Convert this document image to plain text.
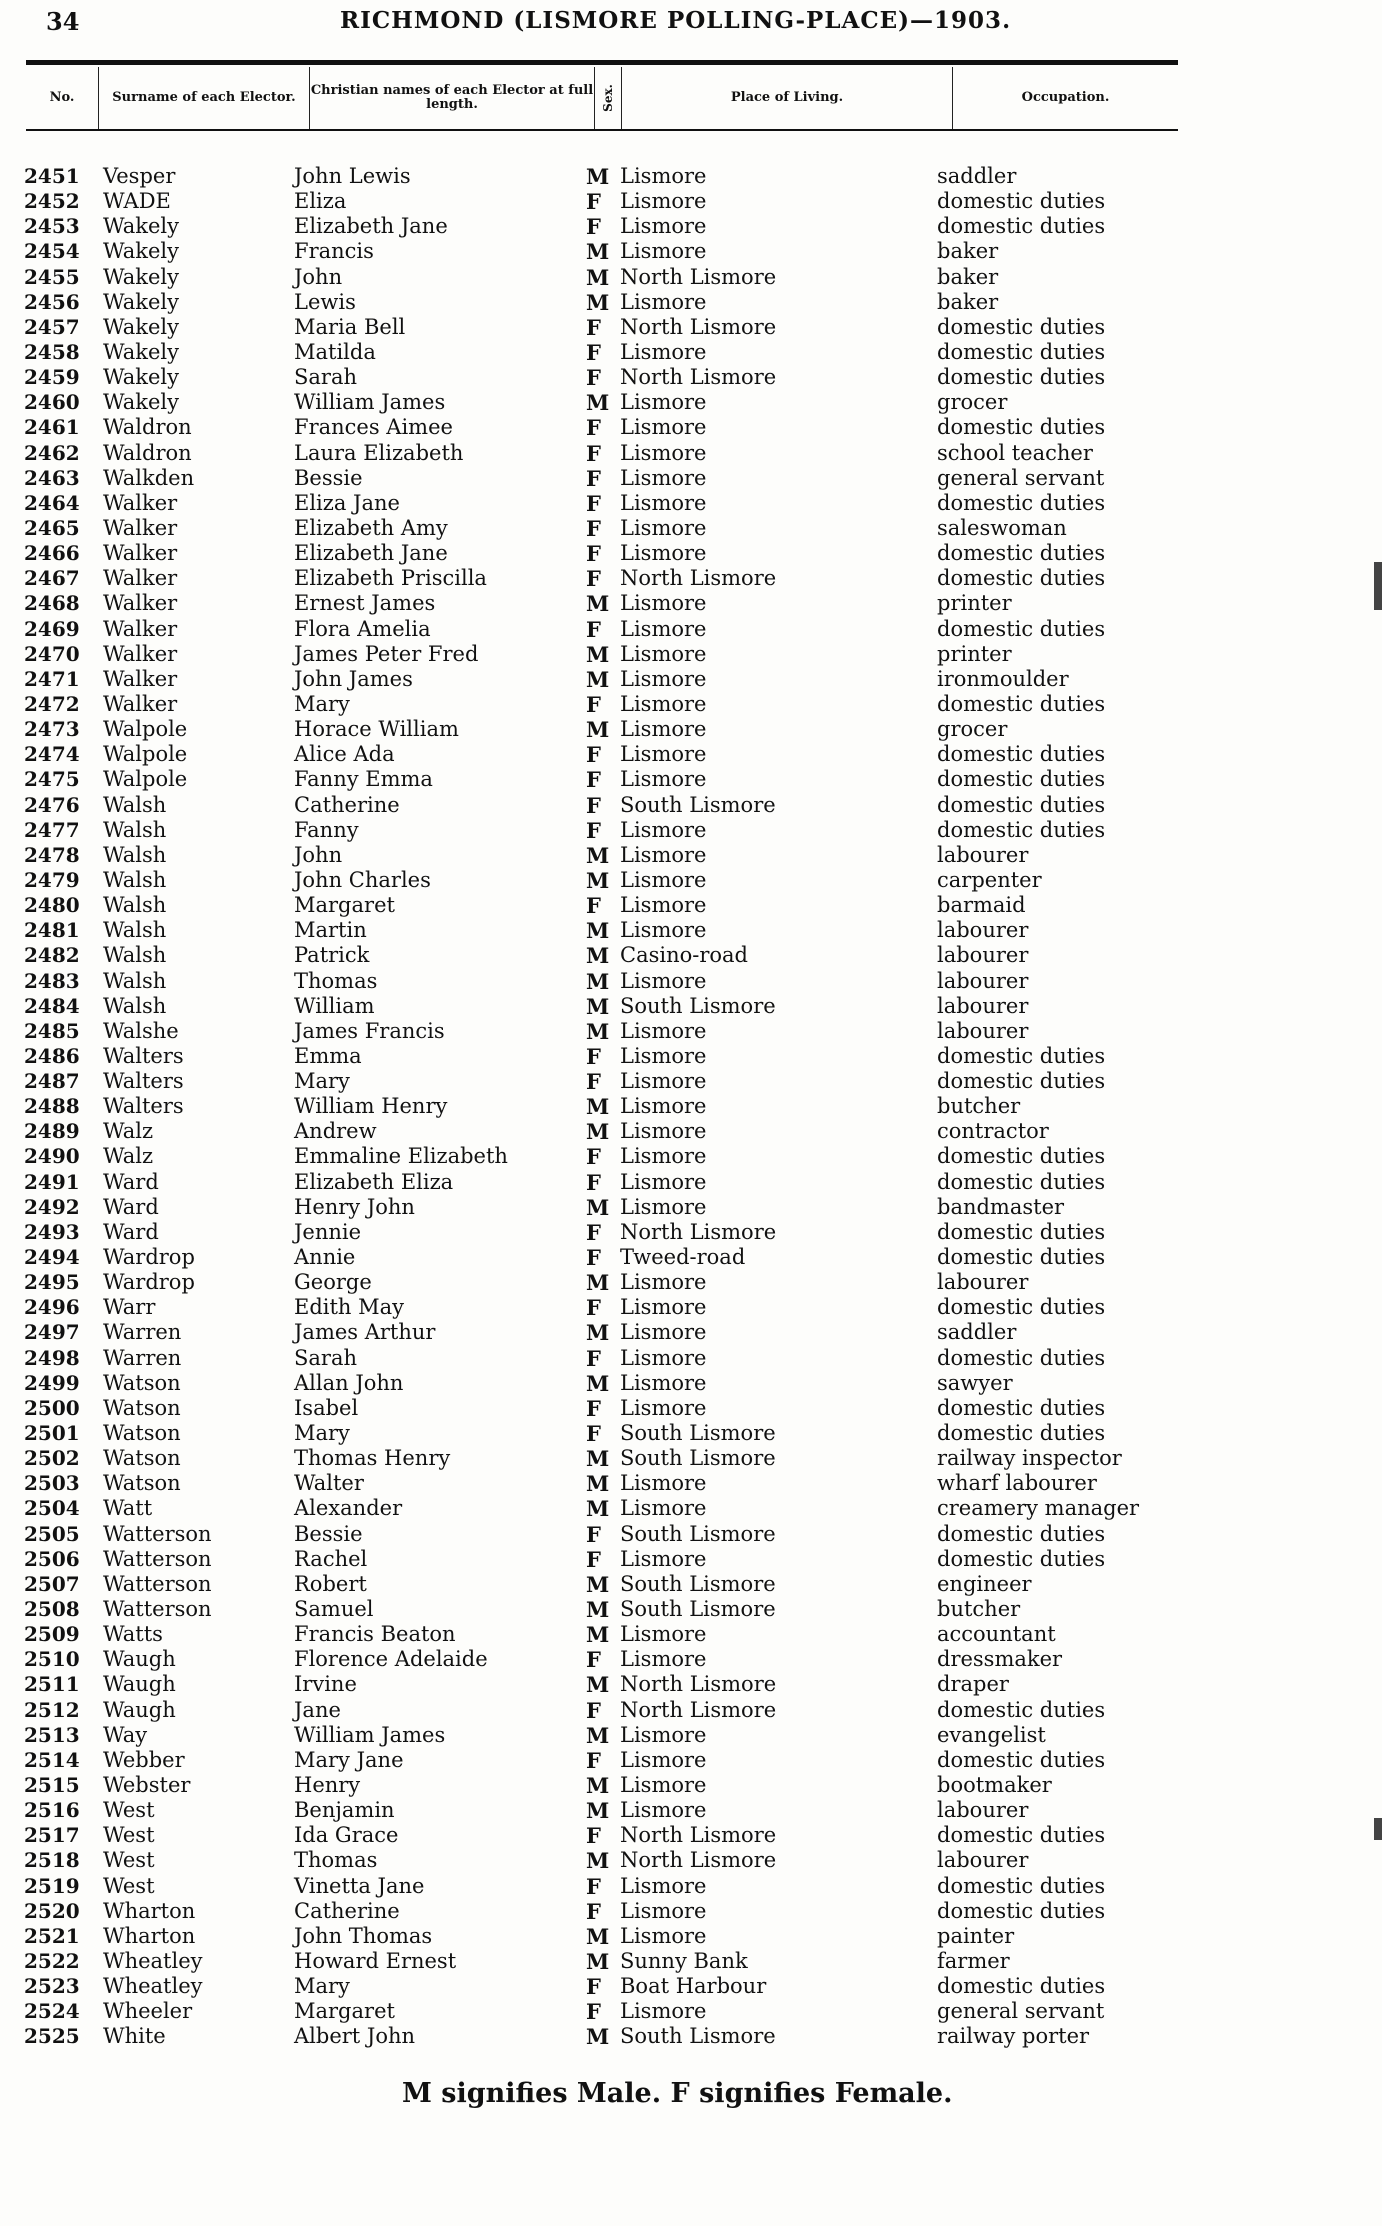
34	RICHMOND (LISMORE POLLING-PLACE)—1903.
No.	Surname of each Elector.	Christian names of each Elector at full length.	Sex.	Place of Living.	Occupation.
2451 Vesper	John Lewis	M Lismore	saddler
2452 WADE	Eliza	F Lismore	domestic duties
2453 Wakely	Elizabeth Jane	F Lismore	domestic duties
2454 Wakely	Francis	M Lismore	baker
2455 Wakely	John	M North Lismore	baker
2456 Wakely	Lewis	M Lismore	baker
2457 Wakely	Maria Bell	F North Lismore	domestic duties
2458 Wakely	Matilda	F Lismore	domestic duties
2459 Wakely	Sarah	F North Lismore	domestic duties
2460 Wakely	William James	M Lismore	grocer
2461 Waldron	Frances Aimee	F Lismore	domestic duties
2462 Waldron	Laura Elizabeth	F Lismore	school teacher
2463 Walkden	Bessie	F Lismore	general servant
2464 Walker	Eliza Jane	F Lismore	domestic duties
2465 Walker	Elizabeth Amy	F Lismore	saleswoman
2466 Walker	Elizabeth Jane	F Lismore	domestic duties
2467 Walker	Elizabeth Priscilla	F North Lismore	domestic duties
2468 Walker	Ernest James	M Lismore	printer
2469 Walker	Flora Amelia	F Lismore	domestic duties
2470 Walker	James Peter Fred	M Lismore	printer
2471 Walker	John James	M Lismore	ironmoulder
2472 Walker	Mary	F Lismore	domestic duties
2473 Walpole	Horace William	M Lismore	grocer
2474 Walpole	Alice Ada	F Lismore	domestic duties
2475 Walpole	Fanny Emma	F Lismore	domestic duties
2476 Walsh	Catherine	F South Lismore	domestic duties
2477 Walsh	Fanny	F Lismore	domestic duties
2478 Walsh	John	M Lismore	labourer
2479 Walsh	John Charles	M Lismore	carpenter
2480 Walsh	Margaret	F Lismore	barmaid
2481 Walsh	Martin	M Lismore	labourer
2482 Walsh	Patrick	M Casino-road	labourer
2483 Walsh	Thomas	M Lismore	labourer
2484 Walsh	William	M South Lismore	labourer
2485 Walshe	James Francis	M Lismore	labourer
2486 Walters	Emma	F Lismore	domestic duties
2487 Walters	Mary	F Lismore	domestic duties
2488 Walters	William Henry	M Lismore	butcher
2489 Walz	Andrew	M Lismore	contractor
2490 Walz	Emmaline Elizabeth	F Lismore	domestic duties
2491 Ward	Elizabeth Eliza	F Lismore	domestic duties
2492 Ward	Henry John	M Lismore	bandmaster
2493 Ward	Jennie	F North Lismore	domestic duties
2494 Wardrop	Annie	F Tweed-road	domestic duties
2495 Wardrop	George	M Lismore	labourer
2496 Warr	Edith May	F Lismore	domestic duties
2497 Warren	James Arthur	M Lismore	saddler
2498 Warren	Sarah	F Lismore	domestic duties
2499 Watson	Allan John	M Lismore	sawyer
2500 Watson	Isabel	F Lismore	domestic duties
2501 Watson	Mary	F South Lismore	domestic duties
2502 Watson	Thomas Henry	M South Lismore	railway inspector
2503 Watson	Walter	M Lismore	wharf labourer
2504 Watt	Alexander	M Lismore	creamery manager
2505 Watterson	Bessie	F South Lismore	domestic duties
2506 Watterson	Rachel	F Lismore	domestic duties
2507 Watterson	Robert	M South Lismore	engineer
2508 Watterson	Samuel	M South Lismore	butcher
2509 Watts	Francis Beaton	M Lismore	accountant
2510 Waugh	Florence Adelaide	F Lismore	dressmaker
2511 Waugh	Irvine	M North Lismore	draper
2512 Waugh	Jane	F North Lismore	domestic duties
2513 Way	William James	M Lismore	evangelist
2514 Webber	Mary Jane	F Lismore	domestic duties
2515 Webster	Henry	M Lismore	bootmaker
2516 West	Benjamin	M Lismore	labourer
2517 West	Ida Grace	F North Lismore	domestic duties
2518 West	Thomas	M North Lismore	labourer
2519 West	Vinetta Jane	F Lismore	domestic duties
2520 Wharton	Catherine	F Lismore	domestic duties
2521 Wharton	John Thomas	M Lismore	painter
2522 Wheatley	Howard Ernest	M Sunny Bank	farmer
2523 Wheatley	Mary	F Boat Harbour	domestic duties
2524 Wheeler	Margaret	F Lismore	general servant
2525 White	Albert John	M South Lismore	railway porter
M signifies Male. F signifies Female.
